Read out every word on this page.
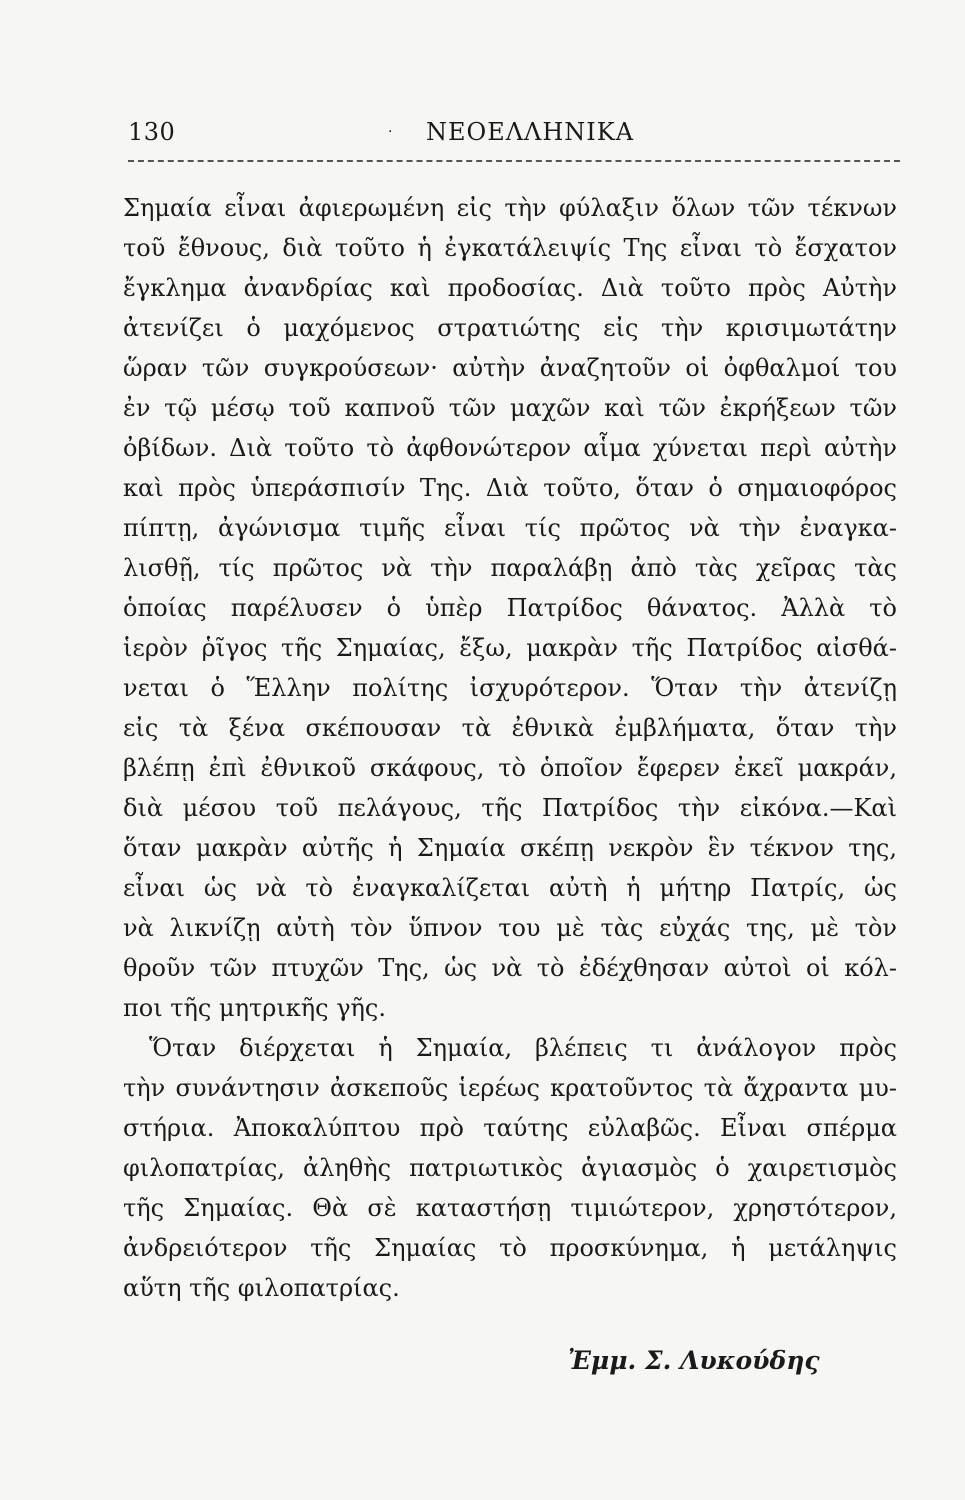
130	· ΝΕΟΕΛΛΗΝΙΚΑ
Σημαία εἶναι ἀφιερωμένη εἰς τὴν φύλαξιν ὅλων τῶν τέκνων
τοῦ ἔθνους, διὰ τοῦτο ἡ ἐγκατάλειψίς Της εἶναι τὸ ἔσχατον
ἔγκλημα ἀνανδρίας καὶ προδοσίας. Διὰ τοῦτο πρὸς Αὐτὴν
ἀτενίζει ὁ μαχόμενος στρατιώτης εἰς τὴν κρισιμωτάτην
ὥραν τῶν συγκρούσεων· αὐτὴν ἀναζητοῦν οἱ ὀφθαλμοί του
ἐν τῷ μέσῳ τοῦ καπνοῦ τῶν μαχῶν καὶ τῶν ἐκρήξεων τῶν
ὀβίδων. Διὰ τοῦτο τὸ ἀφθονώτερον αἷμα χύνεται περὶ αὐτὴν
καὶ πρὸς ὑπεράσπισίν Της. Διὰ τοῦτο, ὅταν ὁ σημαιοφόρος
πίπτῃ, ἀγώνισμα τιμῆς εἶναι τίς πρῶτος νὰ τὴν ἐναγκα-
λισθῇ, τίς πρῶτος νὰ τὴν παραλάβῃ ἀπὸ τὰς χεῖρας τὰς
ὁποίας παρέλυσεν ὁ ὑπὲρ Πατρίδος θάνατος. Ἀλλὰ τὸ
ἱερὸν ῥῖγος τῆς Σημαίας, ἔξω, μακρὰν τῆς Πατρίδος αἰσθά-
νεται ὁ Ἕλλην πολίτης ἰσχυρότερον. Ὅταν τὴν ἀτενίζῃ
εἰς τὰ ξένα σκέπουσαν τὰ ἐθνικὰ ἐμβλήματα, ὅταν τὴν
βλέπῃ ἐπὶ ἐθνικοῦ σκάφους, τὸ ὁποῖον ἔφερεν ἐκεῖ μακράν,
διὰ μέσου τοῦ πελάγους, τῆς Πατρίδος τὴν εἰκόνα.—Καὶ
ὅταν μακρὰν αὐτῆς ἡ Σημαία σκέπῃ νεκρὸν ἓν τέκνον της,
εἶναι ὡς νὰ τὸ ἐναγκαλίζεται αὐτὴ ἡ μήτηρ Πατρίς, ὡς
νὰ λικνίζῃ αὐτὴ τὸν ὕπνον του μὲ τὰς εὐχάς της, μὲ τὸν
θροῦν τῶν πτυχῶν Της, ὡς νὰ τὸ ἐδέχθησαν αὐτοὶ οἱ κόλ-
ποι τῆς μητρικῆς γῆς.
Ὅταν διέρχεται ἡ Σημαία, βλέπεις τι ἀνάλογον πρὸς
τὴν συνάντησιν ἀσκεποῦς ἱερέως κρατοῦντος τὰ ἄχραντα μυ-
στήρια. Ἀποκαλύπτου πρὸ ταύτης εὐλαβῶς. Εἶναι σπέρμα
φιλοπατρίας, ἀληθὴς πατριωτικὸς ἁγιασμὸς ὁ χαιρετισμὸς
τῆς Σημαίας. Θὰ σὲ καταστήσῃ τιμιώτερον, χρηστότερον,
ἀνδρειότερον τῆς Σημαίας τὸ προσκύνημα, ἡ μετάληψις
αὕτη τῆς φιλοπατρίας.
Ἐμμ. Σ. Λυκούδης
